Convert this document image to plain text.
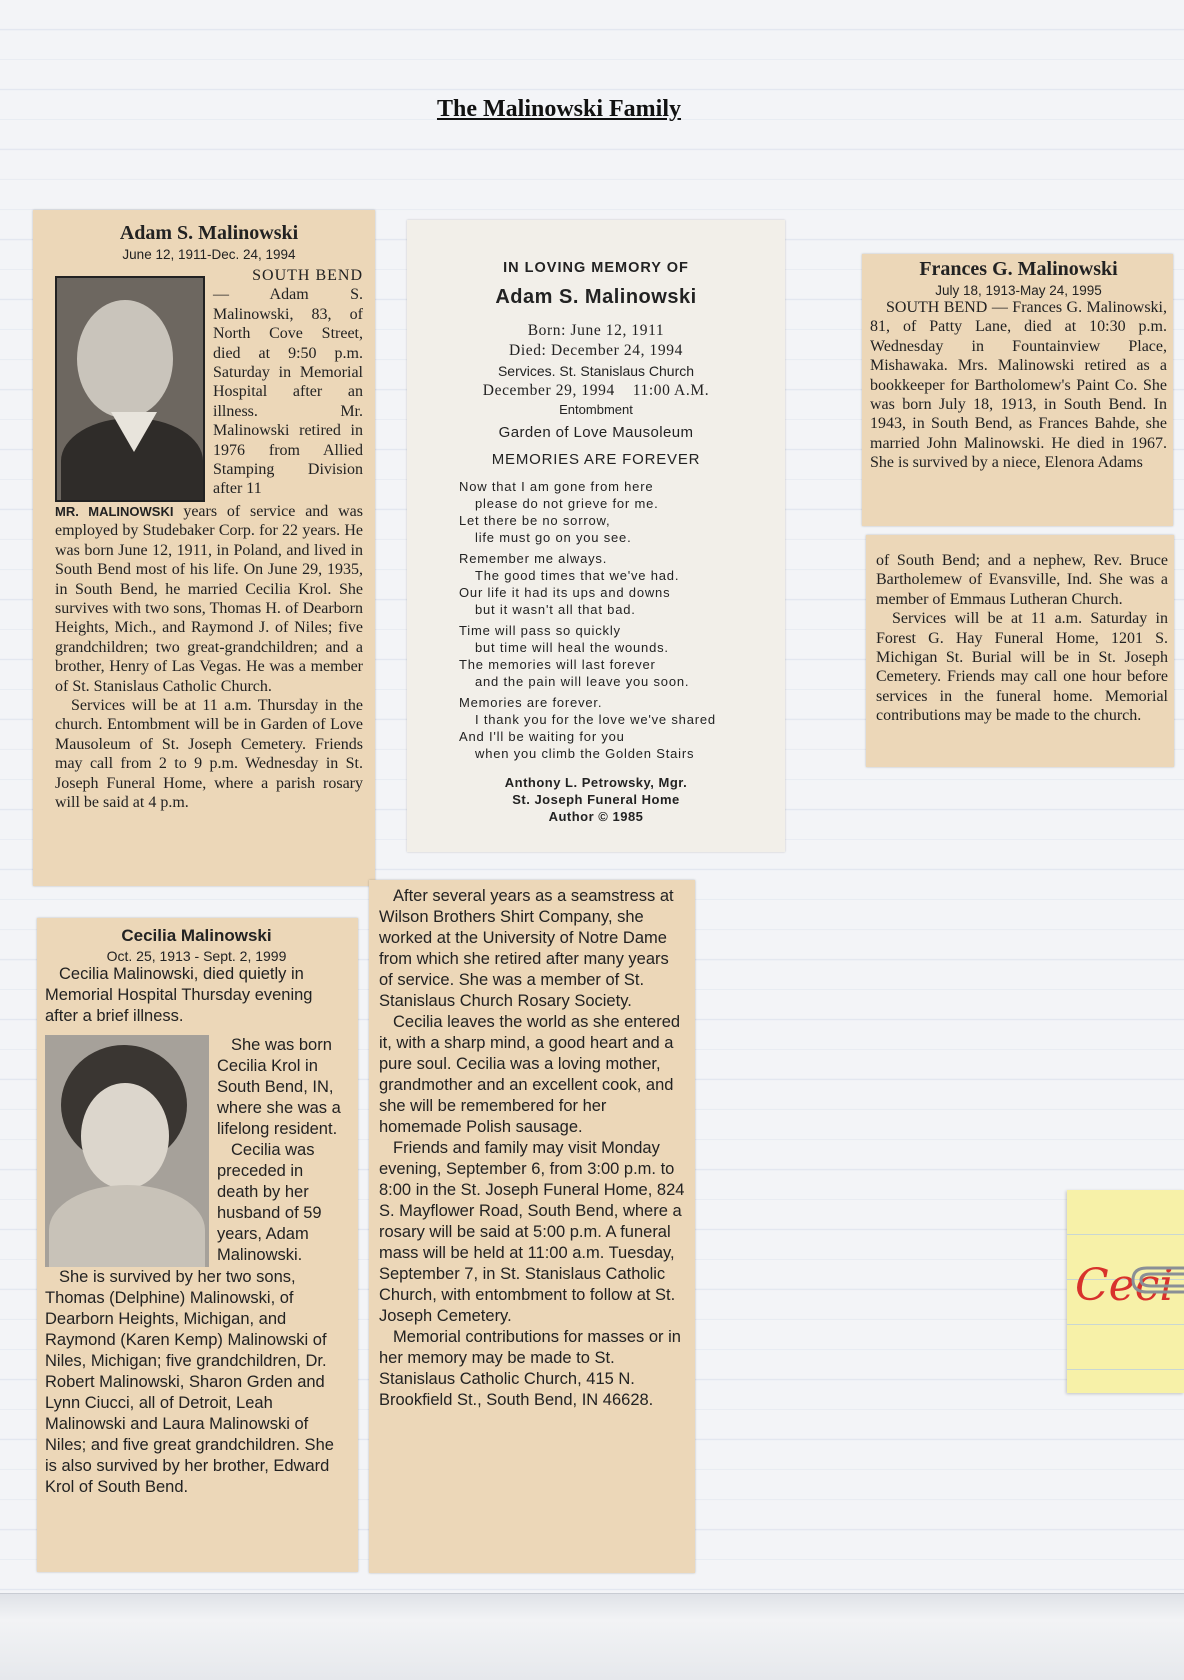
The Malinowski Family
Adam S. Malinowski
June 12, 1911-Dec. 24, 1994
SOUTH BEND
— Adam S. Malinowski, 83, of North Cove Street, died at 9:50 p.m. Saturday in Memorial Hospital after an illness. Mr. Malinowski retired in 1976 from Allied Stamping Division after 11
MR. MALINOWSKI years of service and was employed by Studebaker Corp. for 22 years. He was born June 12, 1911, in Poland, and lived in South Bend most of his life. On June 29, 1935, in South Bend, he married Cecilia Krol. She survives with two sons, Thomas H. of Dearborn Heights, Mich., and Raymond J. of Niles; five grandchildren; two great-grandchildren; and a brother, Henry of Las Vegas. He was a member of St. Stanislaus Catholic Church.

Services will be at 11 a.m. Thursday in the church. Entombment will be in Garden of Love Mausoleum of St. Joseph Cemetery. Friends may call from 2 to 9 p.m. Wednesday in St. Joseph Funeral Home, where a parish rosary will be said at 4 p.m.

IN LOVING MEMORY OF
Adam S. Malinowski
Born: June 12, 1911
Died: December 24, 1994
Services. St. Stanislaus Church
December 29, 1994    11:00 A.M.
Entombment
Garden of Love Mausoleum
MEMORIES ARE FOREVER
Now that I am gone from here
please do not grieve for me.
Let there be no sorrow,
life must go on you see.
Remember me always.
The good times that we've had.
Our life it had its ups and downs
but it wasn't all that bad.
Time will pass so quickly
but time will heal the wounds.
The memories will last forever
and the pain will leave you soon.
Memories are forever.
I thank you for the love we've shared
And I'll be waiting for you
when you climb the Golden Stairs
Anthony L. Petrowsky, Mgr.
St. Joseph Funeral Home
Author © 1985
Frances G. Malinowski
July 18, 1913-May 24, 1995

SOUTH BEND — Frances G. Malinowski, 81, of Patty Lane, died at 10:30 p.m. Wednesday in Fountainview Place, Mishawaka. Mrs. Malinowski retired as a bookkeeper for Bartholomew's Paint Co. She was born July 18, 1913, in South Bend. In 1943, in South Bend, as Frances Bahde, she married John Malinowski. He died in 1967. She is survived by a niece, Elenora Adams

of South Bend; and a nephew, Rev. Bruce Bartholemew of Evansville, Ind. She was a member of Emmaus Lutheran Church.

Services will be at 11 a.m. Saturday in Forest G. Hay Funeral Home, 1201 S. Michigan St. Burial will be in St. Joseph Cemetery. Friends may call one hour before services in the funeral home. Memorial contributions may be made to the church.

Cecilia Malinowski
Oct. 25, 1913 - Sept. 2, 1999
Cecilia Malinowski, died quietly in Memorial Hospital Thursday evening after a brief illness.
She was born Cecilia Krol in South Bend, IN, where she was a lifelong resident.
Cecilia was preceded in death by her husband of 59 years, Adam Malinowski.
She is survived by her two sons, Thomas (Delphine) Malinowski, of Dearborn Heights, Michigan, and Raymond (Karen Kemp) Malinowski of Niles, Michigan; five grandchildren, Dr. Robert Malinowski, Sharon Grden and Lynn Ciucci, all of Detroit, Leah Malinowski and Laura Malinowski of Niles; and five great grandchildren. She is also survived by her brother, Edward Krol of South Bend.
After several years as a seamstress at Wilson Brothers Shirt Company, she worked at the University of Notre Dame from which she retired after many years of service. She was a member of St. Stanislaus Church Rosary Society.
Cecilia leaves the world as she entered it, with a sharp mind, a good heart and a pure soul. Cecilia was a loving mother, grandmother and an excellent cook, and she will be remembered for her homemade Polish sausage.
Friends and family may visit Monday evening, September 6, from 3:00 p.m. to 8:00 in the St. Joseph Funeral Home, 824 S. Mayflower Road, South Bend, where a rosary will be said at 5:00 p.m. A funeral mass will be held at 11:00 a.m. Tuesday, September 7, in St. Stanislaus Catholic Church, with entombment to follow at St. Joseph Cemetery.
Memorial contributions for masses or in her memory may be made to St. Stanislaus Catholic Church, 415 N. Brookfield St., South Bend, IN 46628.
Ceci
